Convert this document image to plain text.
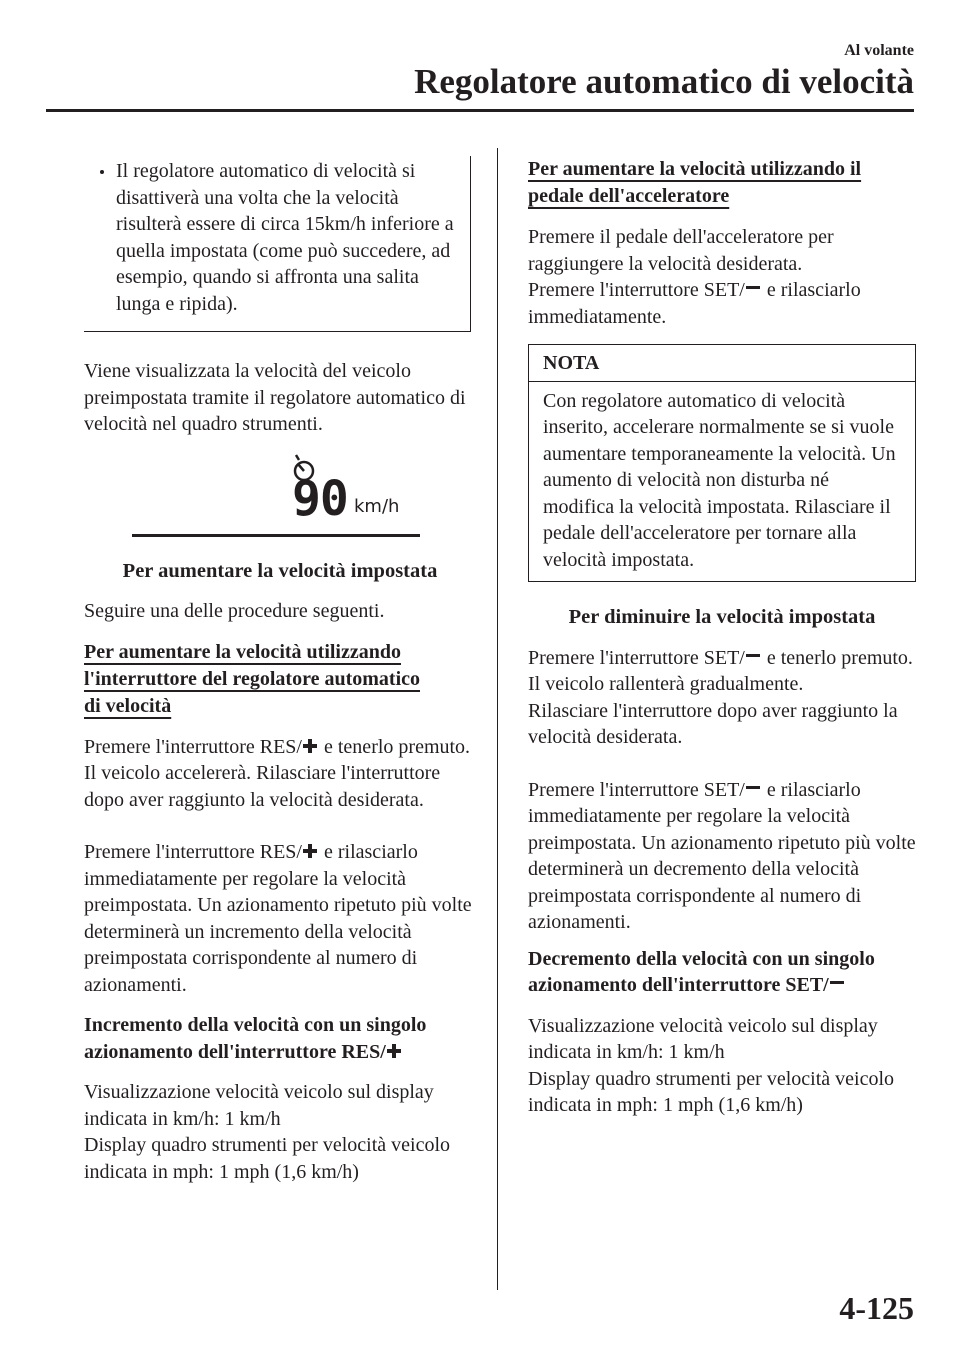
Al volante
Regolatore automatico di velocità

Il regolatore automatico di velocità si disattiverà una volta che la velocità risulterà essere di circa 15km/h inferiore a quella impostata (come può succedere, ad esempio, quando si affronta una salita lunga e ripida).

Viene visualizzata la velocità del veicolo preimpostata tramite il regolatore automatico di velocità nel quadro strumenti.

90 km/h

Per aumentare la velocità impostata

Seguire una delle procedure seguenti.

Per aumentare la velocità utilizzando
l'interruttore del regolatore automatico
di velocità

Premere l'interruttore RES/ e tenerlo premuto. Il veicolo accelererà. Rilasciare l'interruttore dopo aver raggiunto la velocità desiderata.

Premere l'interruttore RES/ e rilasciarlo immediatamente per regolare la velocità preimpostata. Un azionamento ripetuto più volte determinerà un incremento della velocità preimpostata corrispondente al numero di azionamenti.

Incremento della velocità con un singolo azionamento dell'interruttore RES/

Visualizzazione velocità veicolo sul display indicata in km/h: 1 km/h

Display quadro strumenti per velocità veicolo indicata in mph: 1 mph (1,6 km/h)

Per aumentare la velocità utilizzando il
pedale dell'acceleratore

Premere il pedale dell'acceleratore per raggiungere la velocità desiderata.

Premere l'interruttore SET/ e rilasciarlo immediatamente.

NOTA
Con regolatore automatico di velocità inserito, accelerare normalmente se si vuole aumentare temporaneamente la velocità. Un aumento di velocità non disturba né modifica la velocità impostata. Rilasciare il pedale dell'acceleratore per tornare alla velocità impostata.

Per diminuire la velocità impostata

Premere l'interruttore SET/ e tenerlo premuto. Il veicolo rallenterà gradualmente.

Rilasciare l'interruttore dopo aver raggiunto la velocità desiderata.

Premere l'interruttore SET/ e rilasciarlo immediatamente per regolare la velocità preimpostata. Un azionamento ripetuto più volte determinerà un decremento della velocità preimpostata corrispondente al numero di azionamenti.

Decremento della velocità con un singolo azionamento dell'interruttore SET/

Visualizzazione velocità veicolo sul display indicata in km/h: 1 km/h

Display quadro strumenti per velocità veicolo indicata in mph: 1 mph (1,6 km/h)

4-125
